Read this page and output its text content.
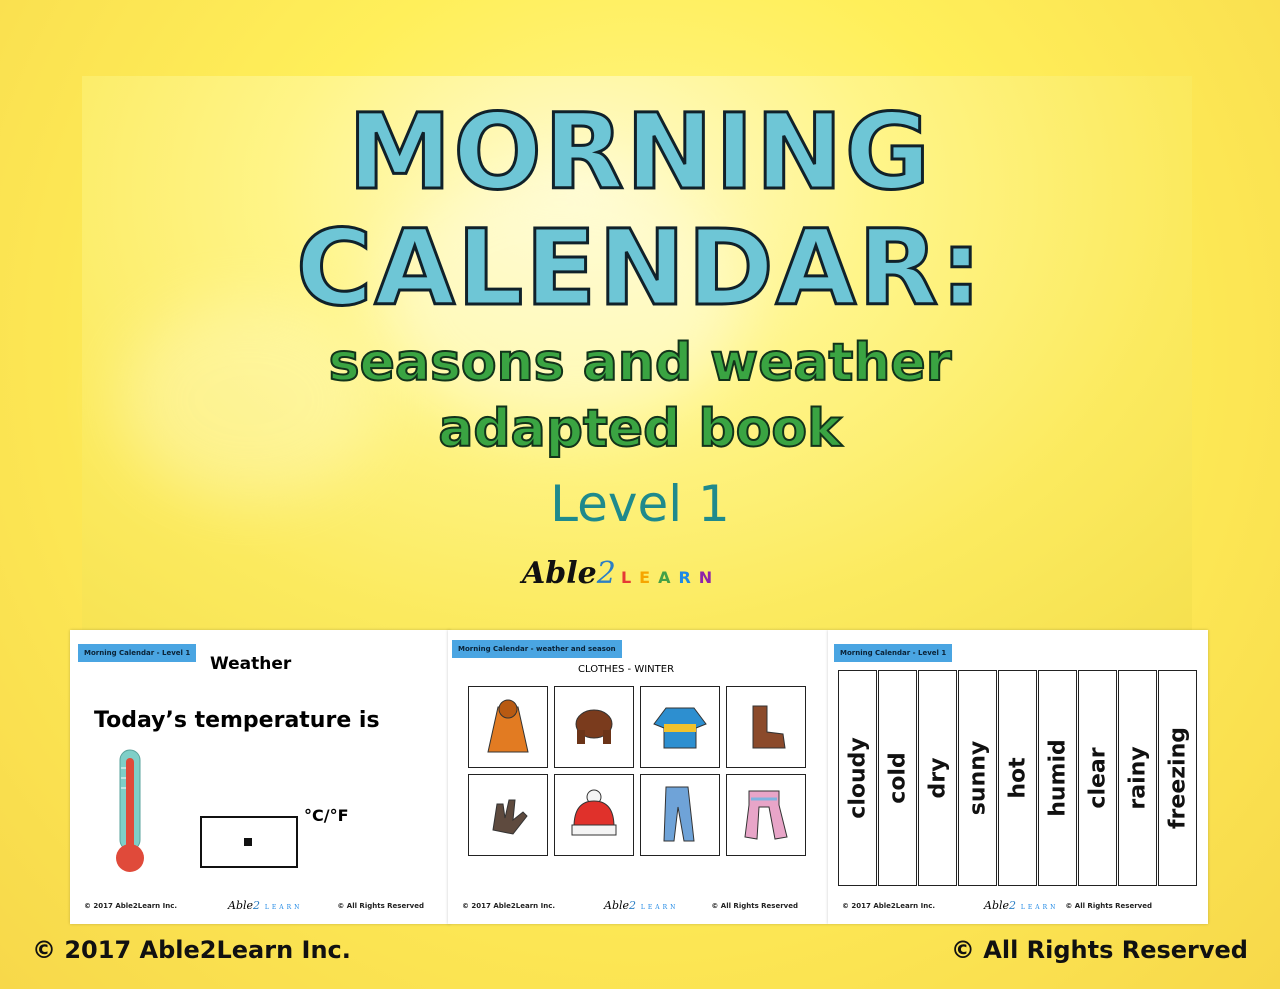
MORNING
CALENDAR:
seasons and weather
adapted book
Level 1
Able2 LEARN
Morning Calendar - Level 1
Weather
Today’s temperature is
°C/°F
© 2017 Able2Learn Inc.	Able2 LEARN	© All Rights Reserved
Morning Calendar - weather and season
CLOTHES - WINTER
© 2017 Able2Learn Inc.	Able2 LEARN	© All Rights Reserved
Morning Calendar - Level 1
cloudy cold dry sunny hot humid clear rainy freezing
© 2017 Able2Learn Inc.	Able2 LEARN © All Rights Reserved
© 2017 Able2Learn Inc.	© All Rights Reserved
